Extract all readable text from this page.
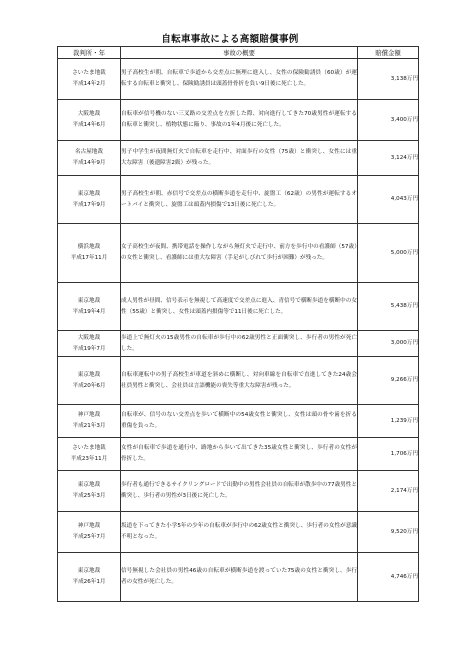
自転車事故による高額賠償事例
裁判所・年	事故の概要	賠償金額

さいたま地裁
平成14年2月	男子高校生が朝、自転車で歩道から交差点に無理に進入し、女性の保険勧誘員（60歳）が運転する自転車と衝突し、保険勧誘員は頭蓋骨骨折を負い9日後に死亡した。	3,138万円

大阪地裁
平成14年6月	自転車が信号機のない三叉路の交差点を左折した際、対向進行してきた70歳男性が運転する自転車と衝突し、植物状態に陥り、事故の1年4月後に死亡した。	3,400万円

名古屋地裁
平成14年9月	男子中学生が夜間無灯火で自転車を走行中、対面歩行の女性（75歳）と衝突し、女性には重大な障害（後遺障害2級）が残った。	3,124万円

東京地裁
平成17年9月	男子高校生が朝、赤信号で交差点の横断歩道を走行中、旋盤工（62歳）の男性が運転するオートバイと衝突し、旋盤工は頭蓋内損傷で13日後に死亡した。	4,043万円

横浜地裁
平成17年11月	女子高校生が夜間、携帯電話を操作しながら無灯火で走行中、前方を歩行中の看護師（57歳）の女性と衝突し、看護師には重大な障害（手足がしびれて歩行が困難）が残った。	5,000万円

東京地裁
平成19年4月	成人男性が昼間、信号表示を無視して高速度で交差点に進入、青信号で横断歩道を横断中の女性（55歳）と衝突し、女性は頭蓋内損傷等で11日後に死亡した。	5,438万円

大阪地裁
平成19年7月	歩道上で無灯火の15歳男性の自転車が歩行中の62歳男性と正面衝突し、歩行者の男性が死亡した。	3,000万円

東京地裁
平成20年6月	自転車運転中の男子高校生が車道を斜めに横断し、対向車線を自転車で直進してきた24歳会社員男性と衝突し、会社員は言語機能の喪失等重大な障害が残った。	9,266万円

神戸地裁
平成21年3月	自転車が、信号のない交差点を歩いて横断中の54歳女性と衝突し、女性は頭の骨や歯を折る重傷を負った。	1,239万円

さいたま地裁
平成23年11月	女性が自転車で歩道を通行中、路地から歩いて出てきた35歳女性と衝突し、歩行者の女性が骨折した。	1,706万円

東京地裁
平成25年3月	歩行者も通行できるサイクリングロードで出勤中の男性会社員の自転車が散歩中の77歳男性と衝突し、歩行者の男性が3日後に死亡した。	2,174万円

神戸地裁
平成25年7月	坂道を下ってきた小学5年の少年の自転車が歩行中の62歳女性と衝突し、歩行者の女性が意識不明となった。	9,520万円

東京地裁
平成26年1月	信号無視した会社員の男性46歳の自転車が横断歩道を渡っていた75歳の女性と衝突し、歩行者の女性が死亡した。	4,746万円
